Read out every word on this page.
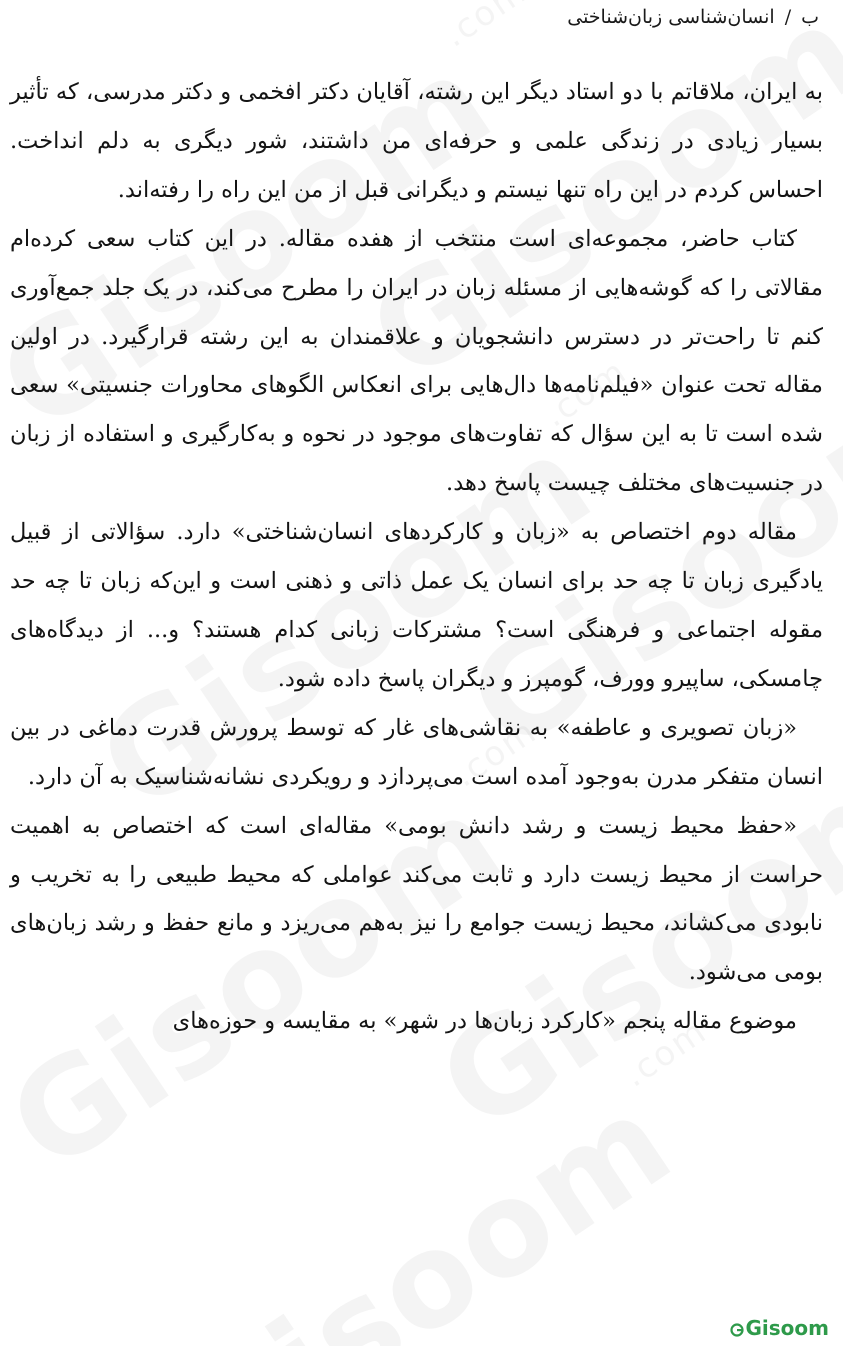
ب/انسان‌شناسی زبان‌شناختی

به ایران، ملاقاتم با دو استاد دیگر این رشته، آقایان دکتر افخمی و دکتر مدرسی، که تأثیر بسیار زیادی در زندگی علمی و حرفه‌ای من داشتند، شور دیگری به دلم انداخت. احساس کردم در این راه تنها نیستم و دیگرانی قبل از من این راه را رفته‌اند.

کتاب حاضر، مجموعه‌ای است منتخب از هفده مقاله. در این کتاب سعی کرده‌ام مقالاتی را که گوشه‌هایی از مسئله زبان در ایران را مطرح می‌کند، در یک جلد جمع‌آوری کنم تا راحت‌تر در دسترس دانشجویان و علاقمندان به این رشته قرارگیرد. در اولین مقاله تحت عنوان «فیلم‌نامه‌ها دال‌هایی برای انعکاس الگوهای محاورات جنسیتی» سعی شده است تا به این سؤال که تفاوت‌های موجود در نحوه و به‌کارگیری و استفاده از زبان در جنسیت‌های مختلف چیست پاسخ دهد.

مقاله دوم اختصاص به «زبان و کارکردهای انسان‌شناختی» دارد. سؤالاتی از قبیل یادگیری زبان تا چه حد برای انسان یک عمل ذاتی و ذهنی است و این‌که زبان تا چه حد مقوله اجتماعی و فرهنگی است؟ مشترکات زبانی کدام هستند؟ و... از دیدگاه‌های چامسکی، ساپیرو وورف، گومپرز و دیگران پاسخ داده شود.

«زبان تصویری و عاطفه» به نقاشی‌های غار که توسط پرورش قدرت دماغی در بین انسان متفکر مدرن به‌وجود آمده است می‌پردازد و رویکردی نشانه‌شناسیک به آن دارد.

«حفظ محیط زیست و رشد دانش بومی» مقاله‌ای است که اختصاص به اهمیت حراست از محیط زیست دارد و ثابت می‌کند عواملی که محیط طبیعی را به تخریب و نابودی می‌کشاند، محیط زیست جوامع را نیز به‌هم می‌ریزد و مانع حفظ و رشد زبان‌های بومی می‌شود.

موضوع مقاله پنجم «کارکرد زبان‌ها در شهر» به مقایسه و حوزه‌های

Gisoom
